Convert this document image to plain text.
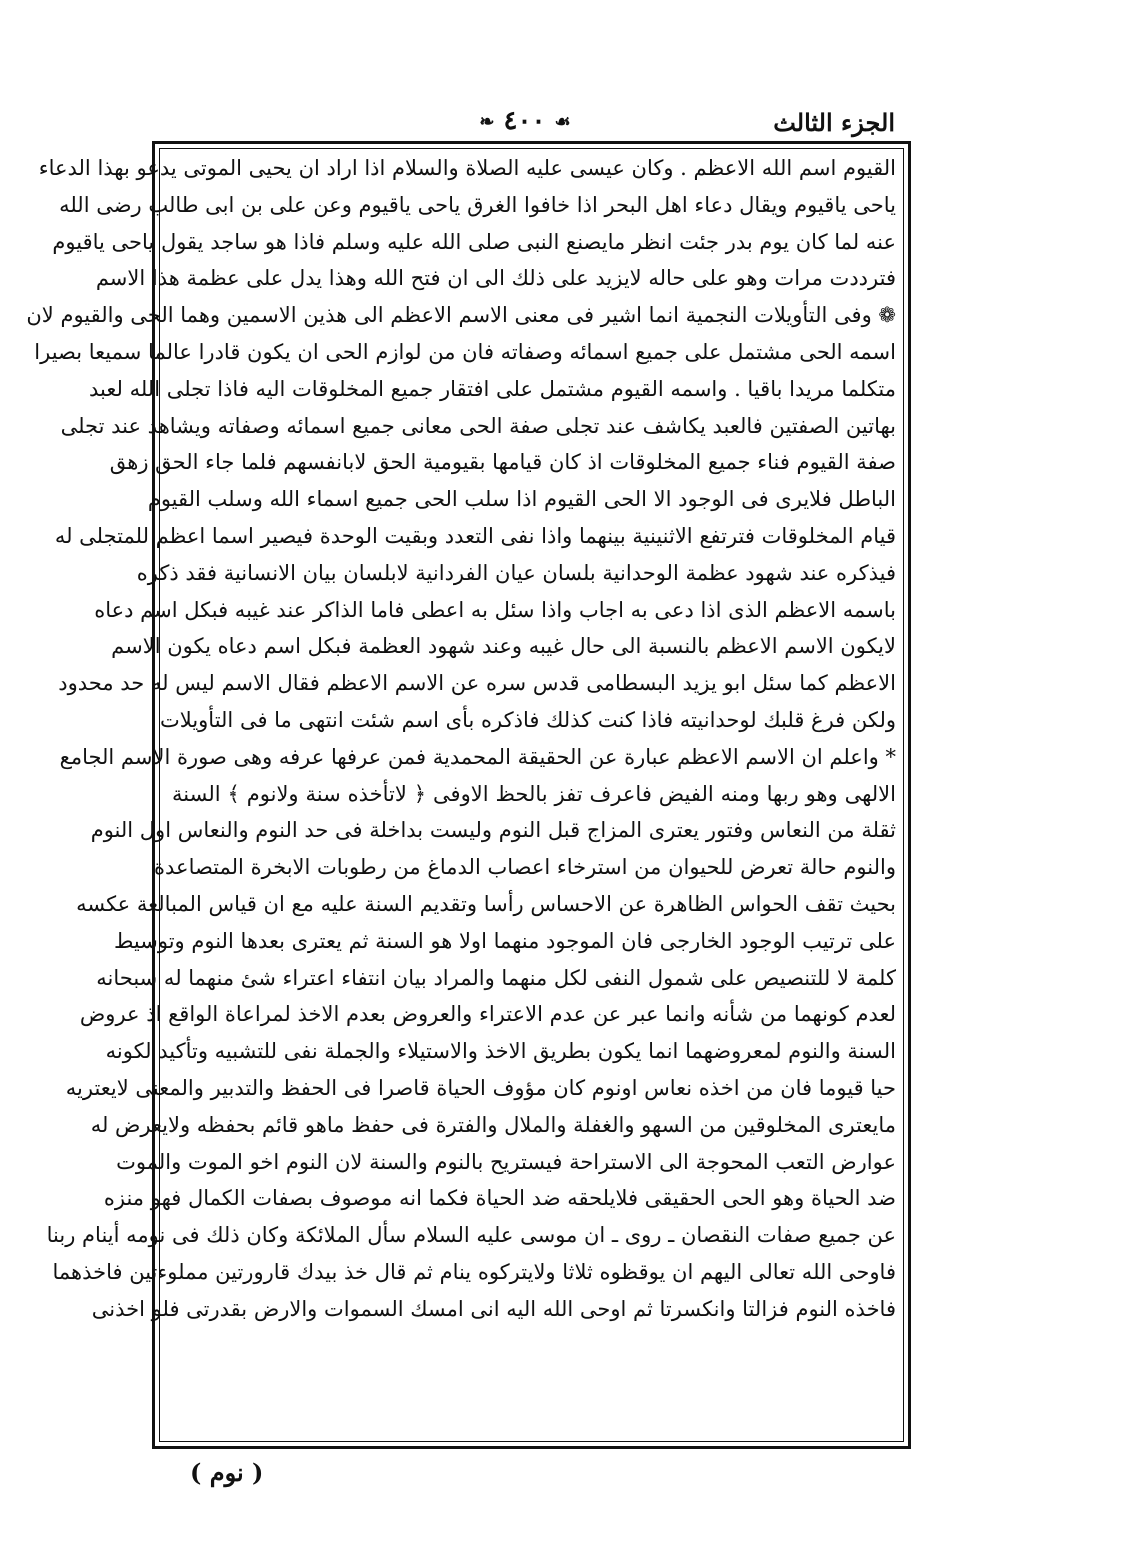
الجزء الثالث
☙ ٤٠٠ ❧
القيوم اسم الله الاعظم . وكان عيسى عليه الصلاة والسلام اذا اراد ان يحيى الموتى يدعو بهذا الدعاء
ياحى ياقيوم ويقال دعاء اهل البحر اذا خافوا الغرق ياحى ياقيوم وعن على بن ابى طالب رضى الله
عنه لما كان يوم بدر جئت انظر مايصنع النبى صلى الله عليه وسلم فاذا هو ساجد يقول ياحى ياقيوم
فترددت مرات وهو على حاله لايزيد على ذلك الى ان فتح الله وهذا يدل على عظمة هذا الاسم
❁ وفى التأويلات النجمية انما اشير فى معنى الاسم الاعظم الى هذين الاسمين وهما الحى والقيوم لان
اسمه الحى مشتمل على جميع اسمائه وصفاته فان من لوازم الحى ان يكون قادرا عالما سميعا بصيرا
متكلما مريدا باقيا . واسمه القيوم مشتمل على افتقار جميع المخلوقات اليه فاذا تجلى الله لعبد
بهاتين الصفتين فالعبد يكاشف عند تجلى صفة الحى معانى جميع اسمائه وصفاته ويشاهد عند تجلى
صفة القيوم فناء جميع المخلوقات اذ كان قيامها بقيومية الحق لابانفسهم فلما جاء الحق زهق
الباطل فلايرى فى الوجود الا الحى القيوم اذا سلب الحى جميع اسماء الله وسلب القيوم
قيام المخلوقات فترتفع الاثنينية بينهما واذا نفى التعدد وبقيت الوحدة فيصير اسما اعظم للمتجلى له
فيذكره عند شهود عظمة الوحدانية بلسان عيان الفردانية لابلسان بيان الانسانية فقد ذكره
باسمه الاعظم الذى اذا دعى به اجاب واذا سئل به اعطى فاما الذاكر عند غيبه فبكل اسم دعاه
لايكون الاسم الاعظم بالنسبة الى حال غيبه وعند شهود العظمة فبكل اسم دعاه يكون الاسم
الاعظم كما سئل ابو يزيد البسطامى قدس سره عن الاسم الاعظم فقال الاسم ليس له حد محدود
ولكن فرغ قلبك لوحدانيته فاذا كنت كذلك فاذكره بأى اسم شئت انتهى ما فى التأويلات
* واعلم ان الاسم الاعظم عبارة عن الحقيقة المحمدية فمن عرفها عرفه وهى صورة الاسم الجامع
الالهى وهو ربها ومنه الفيض فاعرف تفز بالحظ الاوفى ﴿ لاتأخذه سنة ولانوم ﴾ السنة
ثقلة من النعاس وفتور يعترى المزاج قبل النوم وليست بداخلة فى حد النوم والنعاس اول النوم
والنوم حالة تعرض للحيوان من استرخاء اعصاب الدماغ من رطوبات الابخرة المتصاعدة
بحيث تقف الحواس الظاهرة عن الاحساس رأسا وتقديم السنة عليه مع ان قياس المبالغة عكسه
على ترتيب الوجود الخارجى فان الموجود منهما اولا هو السنة ثم يعترى بعدها النوم وتوسيط
كلمة لا للتنصيص على شمول النفى لكل منهما والمراد بيان انتفاء اعتراء شئ منهما له سبحانه
لعدم كونهما من شأنه وانما عبر عن عدم الاعتراء والعروض بعدم الاخذ لمراعاة الواقع اذ عروض
السنة والنوم لمعروضهما انما يكون بطريق الاخذ والاستيلاء والجملة نفى للتشبيه وتأكيد لكونه
حيا قيوما فان من اخذه نعاس اونوم كان مؤوف الحياة قاصرا فى الحفظ والتدبير والمعنى لايعتريه
مايعترى المخلوقين من السهو والغفلة والملال والفترة فى حفظ ماهو قائم بحفظه ولايعرض له
عوارض التعب المحوجة الى الاستراحة فيستريح بالنوم والسنة لان النوم اخو الموت والموت
ضد الحياة وهو الحى الحقيقى فلايلحقه ضد الحياة فكما انه موصوف بصفات الكمال فهو منزه
عن جميع صفات النقصان ـ روى ـ ان موسى عليه السلام سأل الملائكة وكان ذلك فى نومه أينام ربنا
فاوحى الله تعالى اليهم ان يوقظوه ثلاثا ولايتركوه ينام ثم قال خذ بيدك قارورتين مملوءتين فاخذهما
فاخذه النوم فزالتا وانكسرتا ثم اوحى الله اليه انى امسك السموات والارض بقدرتى فلو اخذنى
( نوم )
